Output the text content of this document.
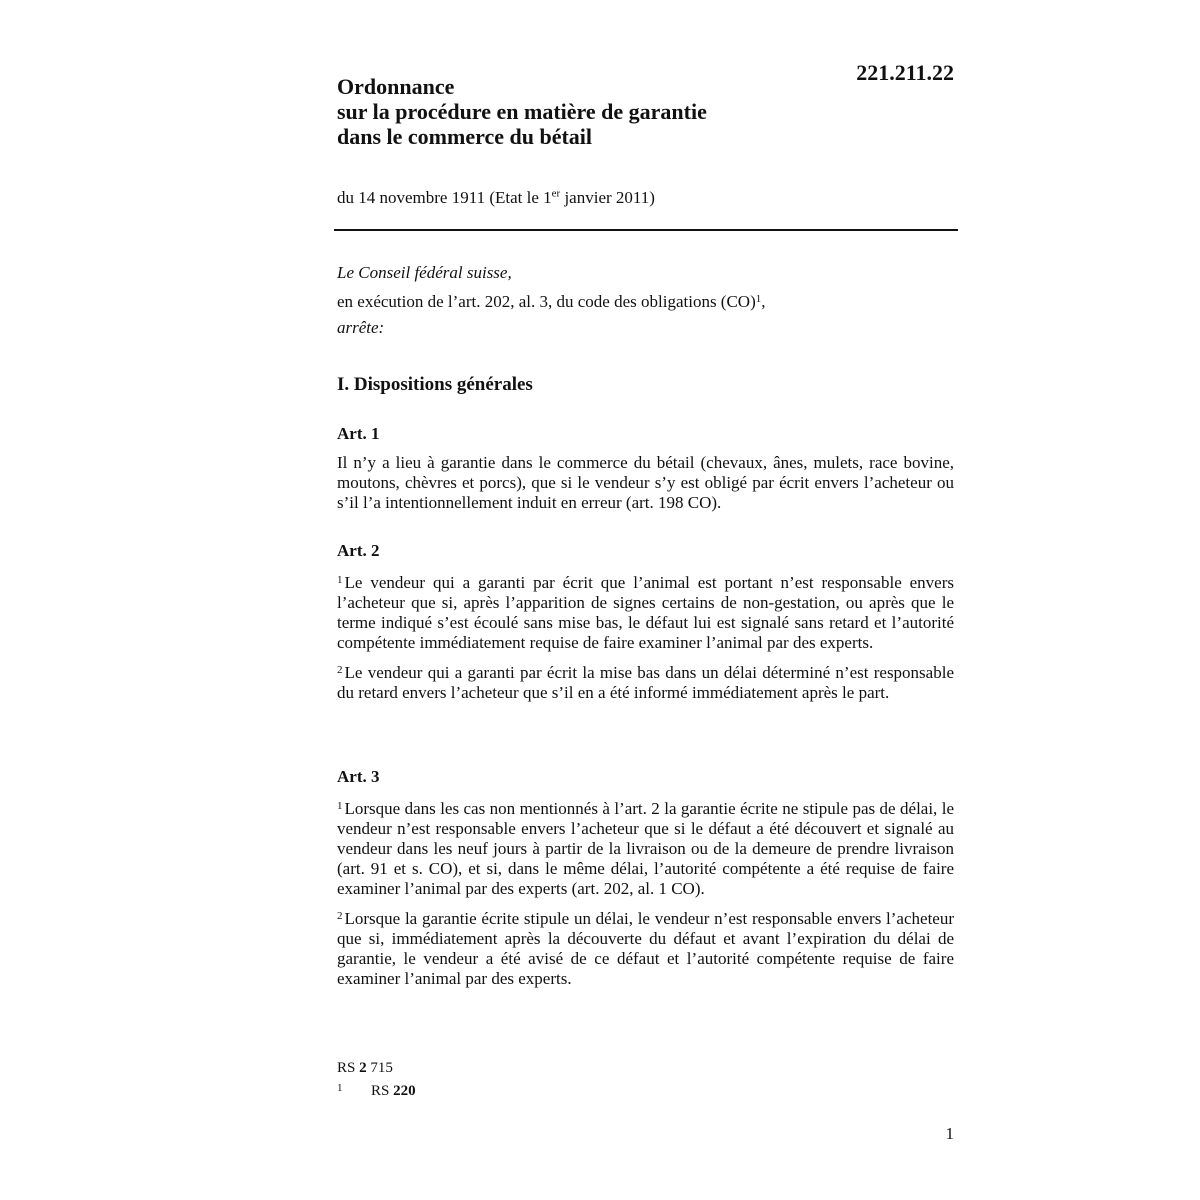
221.211.22
Ordonnance
sur la procédure en matière de garantie
dans le commerce du bétail
du 14 novembre 1911 (Etat le 1er janvier 2011)
Le Conseil fédéral suisse,
en exécution de l’art. 202, al. 3, du code des obligations (CO)$^1$,
arrête:
I. Dispositions générales
Art. 1

Il n’y a lieu à garantie dans le commerce du bétail (chevaux, ânes, mulets, race bovine, moutons, chèvres et porcs), que si le vendeur s’y est obligé par écrit envers l’acheteur ou s’il l’a intentionnellement induit en erreur (art. 198 CO).

Art. 2

$^1$ Le vendeur qui a garanti par écrit que l’animal est portant n’est responsable envers l’acheteur que si, après l’apparition de signes certains de non-gestation, ou après que le terme indiqué s’est écoulé sans mise bas, le défaut lui est signalé sans retard et l’autorité compétente immédiatement requise de faire examiner l’animal par des experts.

$^2$ Le vendeur qui a garanti par écrit la mise bas dans un délai déterminé n’est responsable du retard envers l’acheteur que s’il en a été informé immédiatement après le part.

Art. 3

$^1$ Lorsque dans les cas non mentionnés à l’art. 2 la garantie écrite ne stipule pas de délai, le vendeur n’est responsable envers l’acheteur que si le défaut a été découvert et signalé au vendeur dans les neuf jours à partir de la livraison ou de la demeure de prendre livraison (art. 91 et s. CO), et si, dans le même délai, l’autorité compétente a été requise de faire examiner l’animal par des experts (art. 202, al. 1 CO).

$^2$ Lorsque la garantie écrite stipule un délai, le vendeur n’est responsable envers l’acheteur que si, immédiatement après la découverte du défaut et avant l’expiration du délai de garantie, le vendeur a été avisé de ce défaut et l’autorité compétente requise de faire examiner l’animal par des experts.

RS 2 715
1 RS 220
1
